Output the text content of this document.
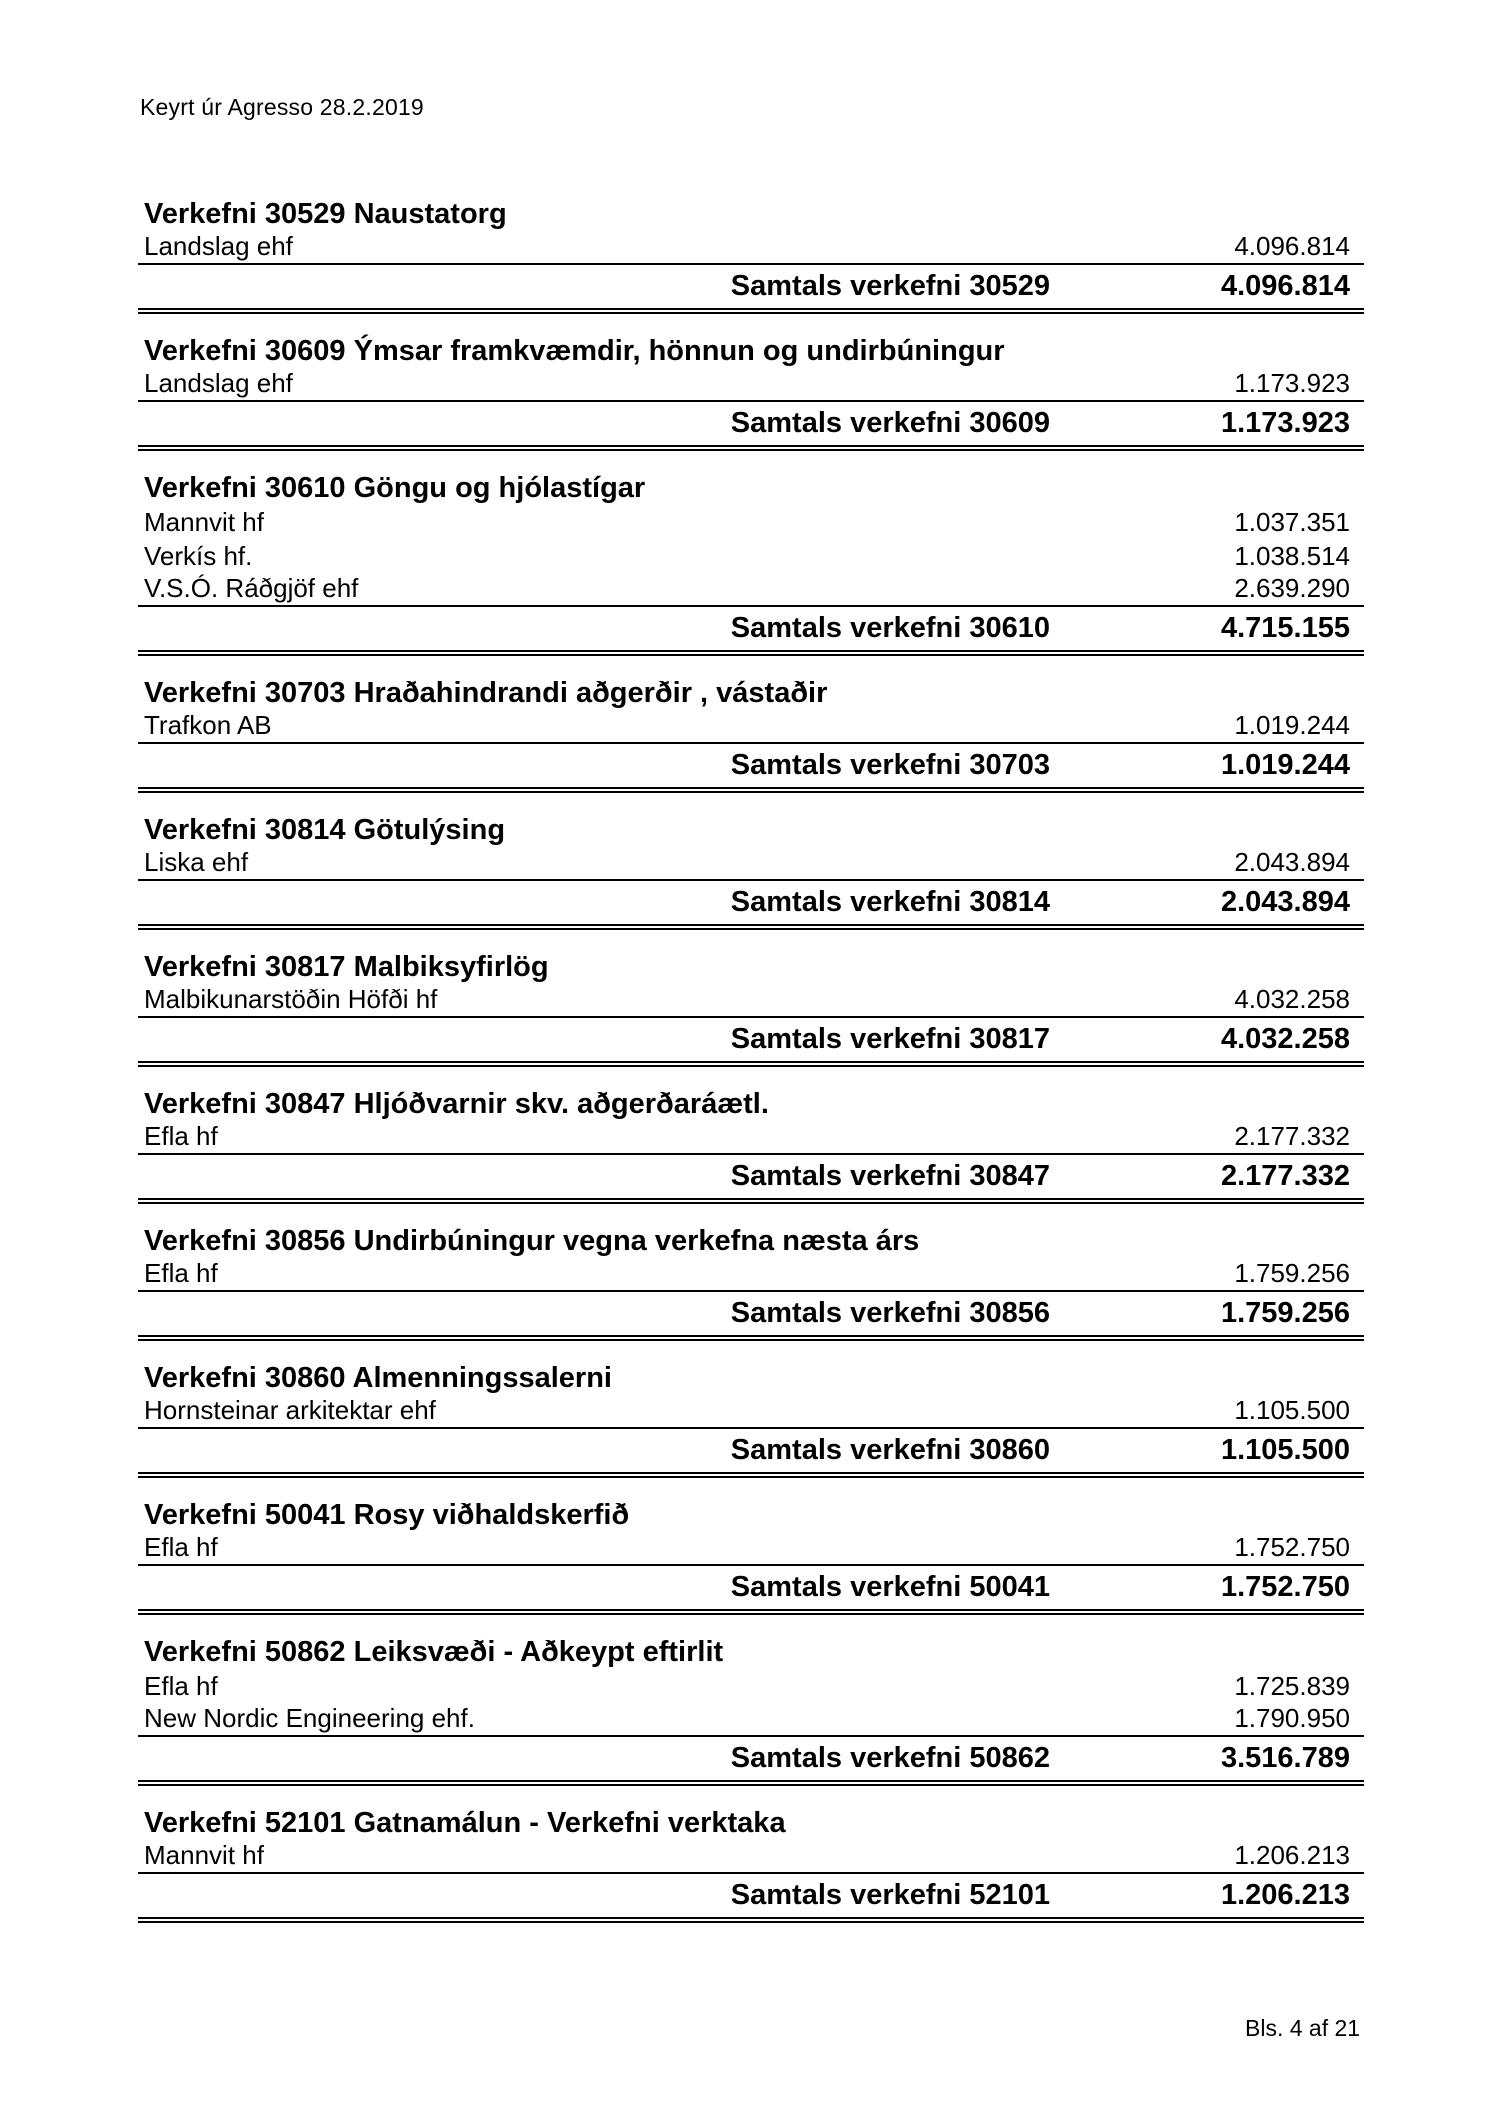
Keyrt úr Agresso 28.2.2019
Verkefni 30529 Naustatorg
Landslag ehf	4.096.814
Samtals verkefni 30529	4.096.814
Verkefni 30609 Ýmsar framkvæmdir, hönnun og undirbúningur
Landslag ehf	1.173.923
Samtals verkefni 30609	1.173.923
Verkefni 30610 Göngu og hjólastígar
Mannvit hf	1.037.351
Verkís hf.	1.038.514
V.S.Ó. Ráðgjöf ehf	2.639.290
Samtals verkefni 30610	4.715.155
Verkefni 30703 Hraðahindrandi aðgerðir , vástaðir
Trafkon AB	1.019.244
Samtals verkefni 30703	1.019.244
Verkefni 30814 Götulýsing
Liska ehf	2.043.894
Samtals verkefni 30814	2.043.894
Verkefni 30817 Malbiksyfirlög
Malbikunarstöðin Höfði hf	4.032.258
Samtals verkefni 30817	4.032.258
Verkefni 30847 Hljóðvarnir skv. aðgerðaráætl.
Efla hf	2.177.332
Samtals verkefni 30847	2.177.332
Verkefni 30856 Undirbúningur vegna verkefna næsta árs
Efla hf	1.759.256
Samtals verkefni 30856	1.759.256
Verkefni 30860 Almenningssalerni
Hornsteinar arkitektar ehf	1.105.500
Samtals verkefni 30860	1.105.500
Verkefni 50041 Rosy viðhaldskerfið
Efla hf	1.752.750
Samtals verkefni 50041	1.752.750
Verkefni 50862 Leiksvæði - Aðkeypt eftirlit
Efla hf	1.725.839
New Nordic Engineering ehf.	1.790.950
Samtals verkefni 50862	3.516.789
Verkefni 52101 Gatnamálun - Verkefni verktaka
Mannvit hf	1.206.213
Samtals verkefni 52101	1.206.213
Bls. 4 af 21
